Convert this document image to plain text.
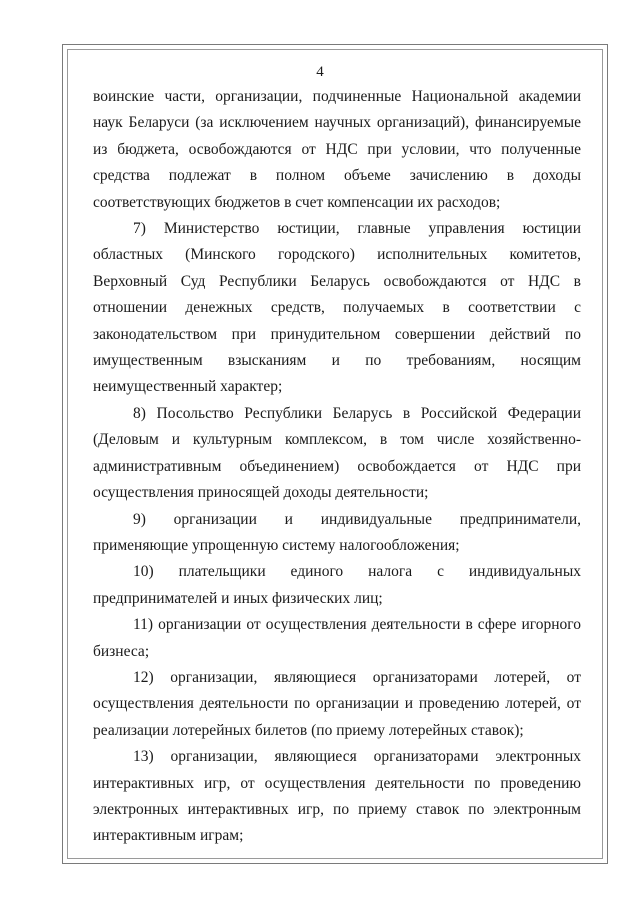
4

воинские части, организации, подчиненные Национальной академии наук Беларуси (за исключением научных организаций), финансируемые из бюджета, освобождаются от НДС при условии, что полученные средства подлежат в полном объеме зачислению в доходы соответствующих бюджетов в счет компенсации их расходов;

7) Министерство юстиции, главные управления юстиции областных (Минского городского) исполнительных комитетов, Верховный Суд Республики Беларусь освобождаются от НДС в отношении денежных средств, получаемых в соответствии с законодательством при принудительном совершении действий по имущественным взысканиям и по требованиям, носящим неимущественный характер;

8) Посольство Республики Беларусь в Российской Федерации (Деловым и культурным комплексом, в том числе хозяйственно-административным объединением) освобождается от НДС при осуществления приносящей доходы деятельности;

9) организации и индивидуальные предприниматели, применяющие упрощенную систему налогообложения;

10) плательщики единого налога с индивидуальных предпринимателей и иных физических лиц;

11) организации от осуществления деятельности в сфере игорного бизнеса;

12) организации, являющиеся организаторами лотерей, от осуществления деятельности по организации и проведению лотерей, от реализации лотерейных билетов (по приему лотерейных ставок);

13) организации, являющиеся организаторами электронных интерактивных игр, от осуществления деятельности по проведению электронных интерактивных игр, по приему ставок по электронным интерактивным играм;
